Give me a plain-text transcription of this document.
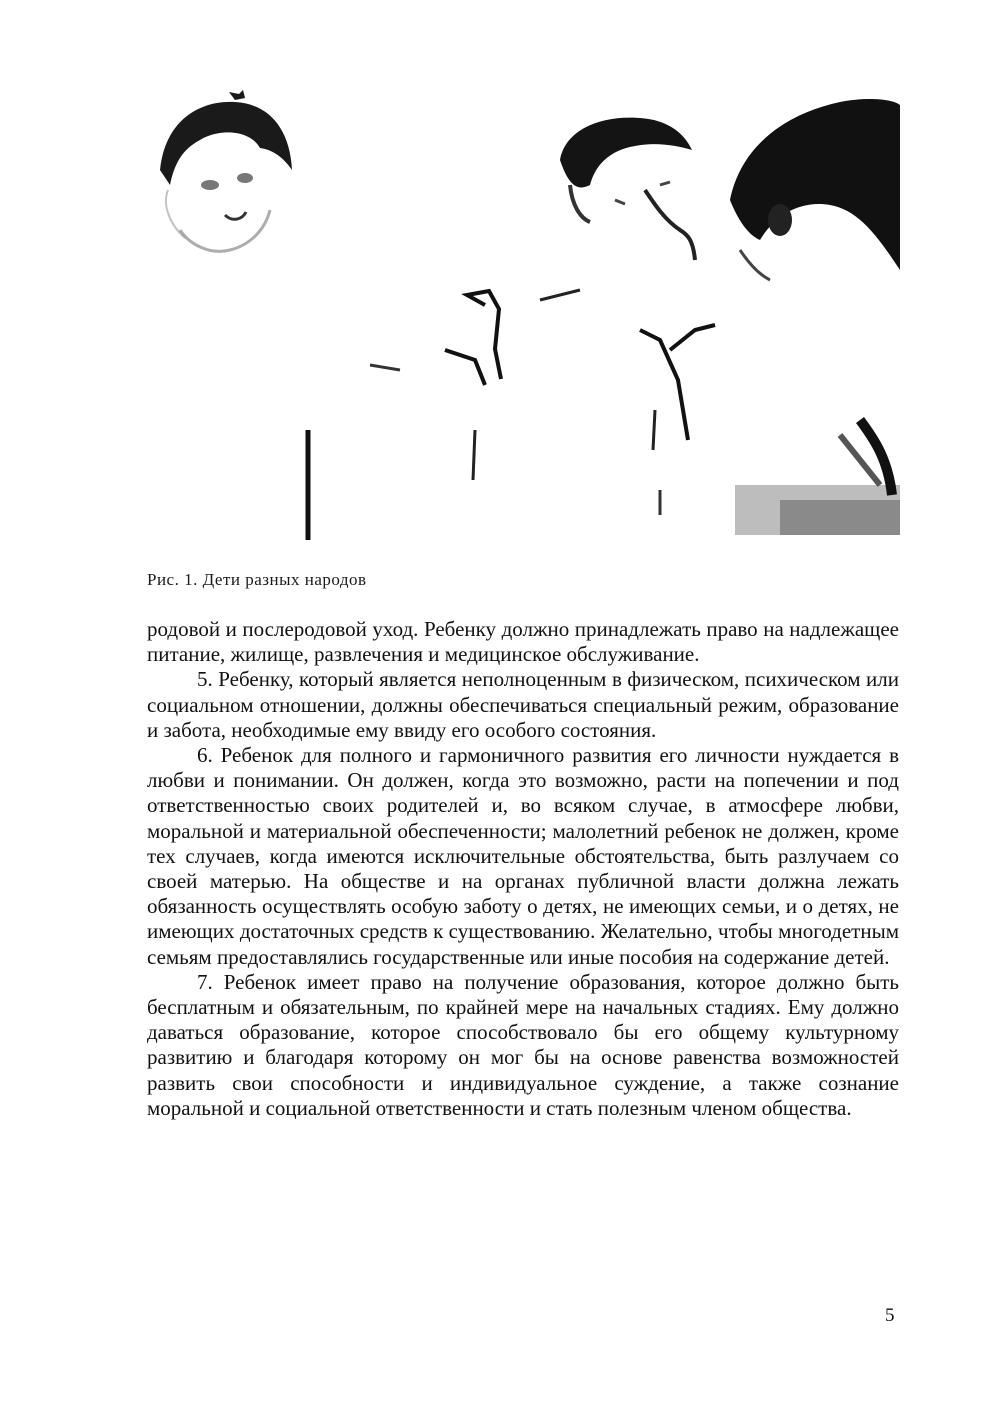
Рис. 1. Дети разных народов

родовой и послеродовой уход. Ребенку должно принадлежать право на надлежащее питание, жилище, развлечения и медицинское обслуживание.

5. Ребенку, который является неполноценным в физическом, психическом или социальном отношении, должны обеспечиваться специальный режим, образование и забота, необходимые ему ввиду его особого состояния.

6. Ребенок для полного и гармоничного развития его личности нуждается в любви и понимании. Он должен, когда это возможно, расти на попечении и под ответственностью своих родителей и, во всяком случае, в атмосфере любви, моральной и материальной обеспеченности; малолетний ребенок не должен, кроме тех случаев, когда имеются исключительные обстоятельства, быть разлучаем со своей матерью. На обществе и на органах публичной власти должна лежать обязанность осуществлять особую заботу о детях, не имеющих семьи, и о детях, не имеющих достаточных средств к существованию. Желательно, чтобы многодетным семьям предоставлялись государственные или иные пособия на содержание детей.

7. Ребенок имеет право на получение образования, которое должно быть бесплатным и обязательным, по крайней мере на начальных стадиях. Ему должно даваться образование, которое способствовало бы его общему культурному развитию и благодаря которому он мог бы на основе равенства возможностей развить свои способности и индивидуальное суждение, а также сознание моральной и социальной ответственности и стать полезным членом общества.

5
